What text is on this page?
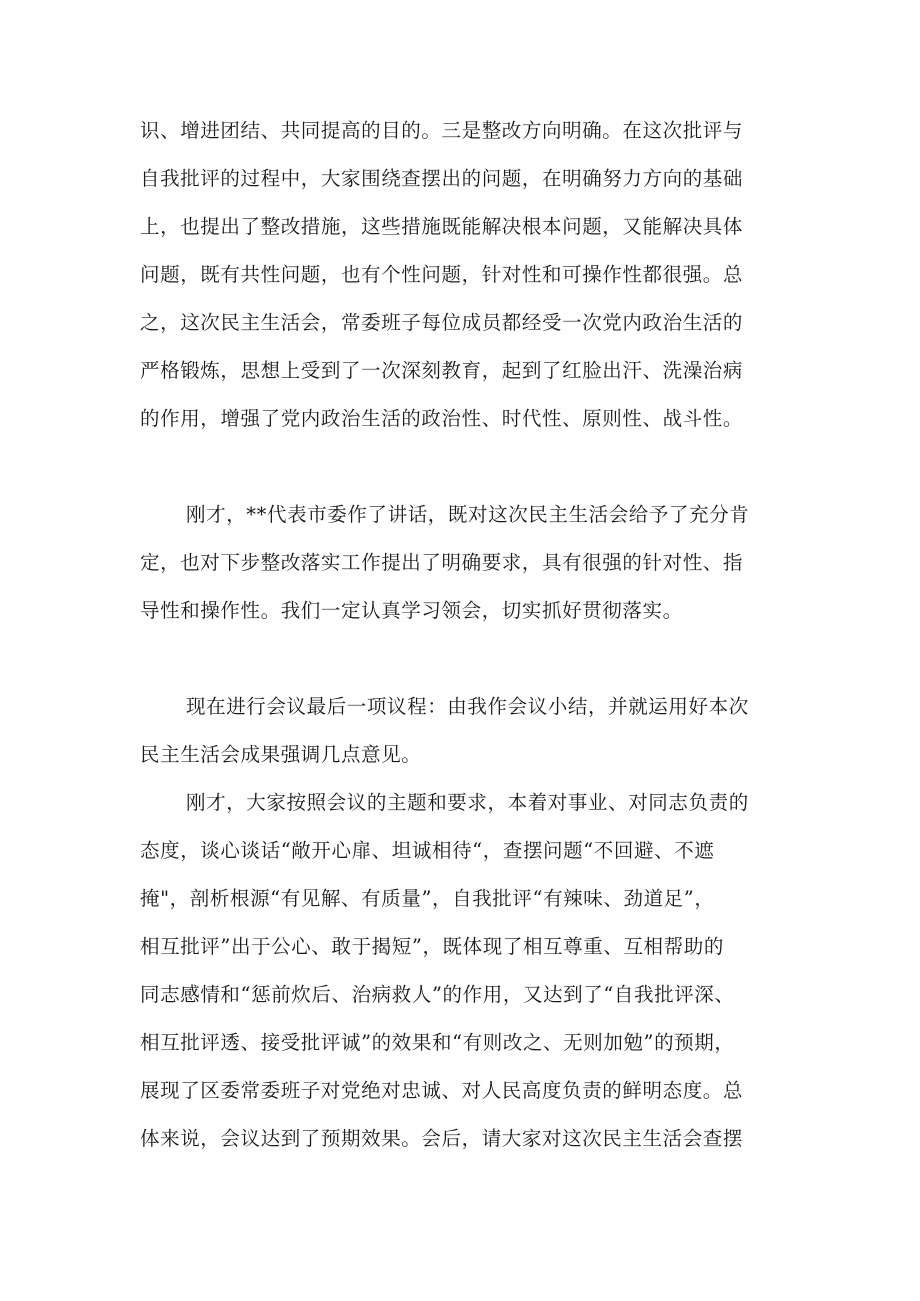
识、增进团结、共同提高的目的。三是整改方向明确。在这次批评与
自我批评的过程中，大家围绕查摆出的问题，在明确努力方向的基础
上，也提出了整改措施，这些措施既能解决根本问题，又能解决具体
问题，既有共性问题，也有个性问题，针对性和可操作性都很强。总
之，这次民主生活会，常委班子每位成员都经受一次党内政治生活的
严格锻炼，思想上受到了一次深刻教育，起到了红脸出汗、洗澡治病
的作用，增强了党内政治生活的政治性、时代性、原则性、战斗性。
刚才，**代表市委作了讲话，既对这次民主生活会给予了充分肯
定，也对下步整改落实工作提出了明确要求，具有很强的针对性、指
导性和操作性。我们一定认真学习领会，切实抓好贯彻落实。
现在进行会议最后一项议程：由我作会议小结，并就运用好本次
民主生活会成果强调几点意见。
刚才，大家按照会议的主题和要求，本着对事业、对同志负责的
态度，谈心谈话“敞开心扉、坦诚相待“，查摆问题“不回避、不遮
掩"，剖析根源“有见解、有质量”，自我批评“有辣味、劲道足”，
相互批评”出于公心、敢于揭短”，既体现了相互尊重、互相帮助的
同志感情和“惩前炊后、治病救人”的作用，又达到了“自我批评深、
相互批评透、接受批评诚”的效果和“有则改之、无则加勉”的预期，
展现了区委常委班子对党绝对忠诚、对人民高度负责的鲜明态度。总
体来说，会议达到了预期效果。会后，请大家对这次民主生活会查摆
